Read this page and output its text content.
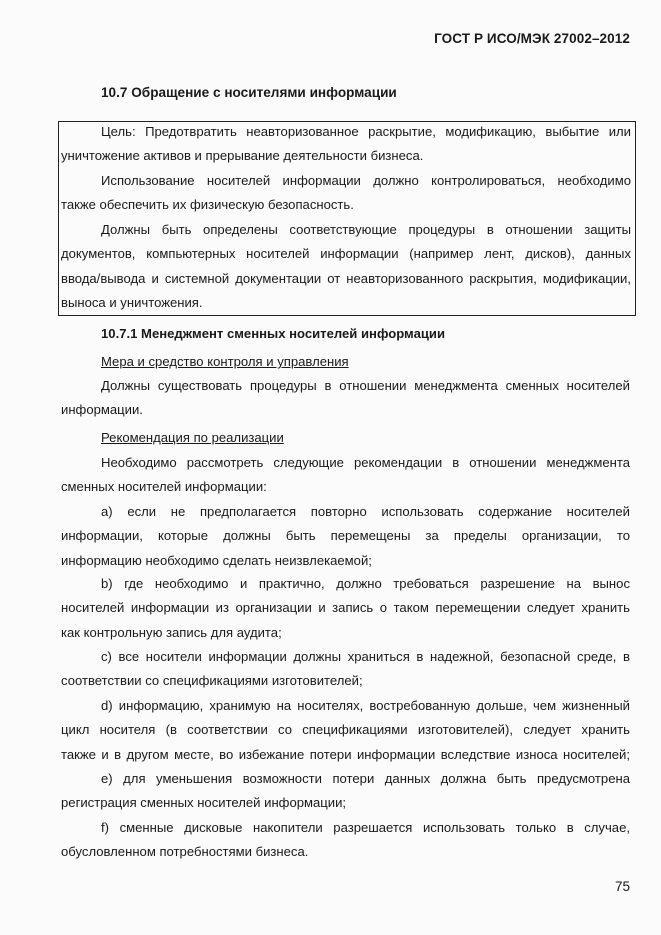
ГОСТ Р ИСО/МЭК 27002–2012
10.7 Обращение с носителями информации
Цель: Предотвратить неавторизованное раскрытие, модификацию, выбытие или
уничтожение активов и прерывание деятельности бизнеса.
Использование носителей информации должно контролироваться, необходимо
также обеспечить их физическую безопасность.
Должны быть определены соответствующие процедуры в отношении защиты
документов, компьютерных носителей информации (например лент, дисков), данных
ввода/вывода и системной документации от неавторизованного раскрытия, модификации,
выноса и уничтожения.
10.7.1 Менеджмент сменных носителей информации
Мера и средство контроля и управления
Должны существовать процедуры в отношении менеджмента сменных носителей
информации.
Рекомендация по реализации
Необходимо рассмотреть следующие рекомендации в отношении менеджмента
сменных носителей информации:
a) если не предполагается повторно использовать содержание носителей
информации, которые должны быть перемещены за пределы организации, то
информацию необходимо сделать неизвлекаемой;
b) где необходимо и практично, должно требоваться разрешение на вынос
носителей информации из организации и запись о таком перемещении следует хранить
как контрольную запись для аудита;
c) все носители информации должны храниться в надежной, безопасной среде, в
соответствии со спецификациями изготовителей;
d) информацию, хранимую на носителях, востребованную дольше, чем жизненный
цикл носителя (в соответствии со спецификациями изготовителей), следует хранить
также и в другом месте, во избежание потери информации вследствие износа носителей;
e) для уменьшения возможности потери данных должна быть предусмотрена
регистрация сменных носителей информации;
f) сменные дисковые накопители разрешается использовать только в случае,
обусловленном потребностями бизнеса.
75
